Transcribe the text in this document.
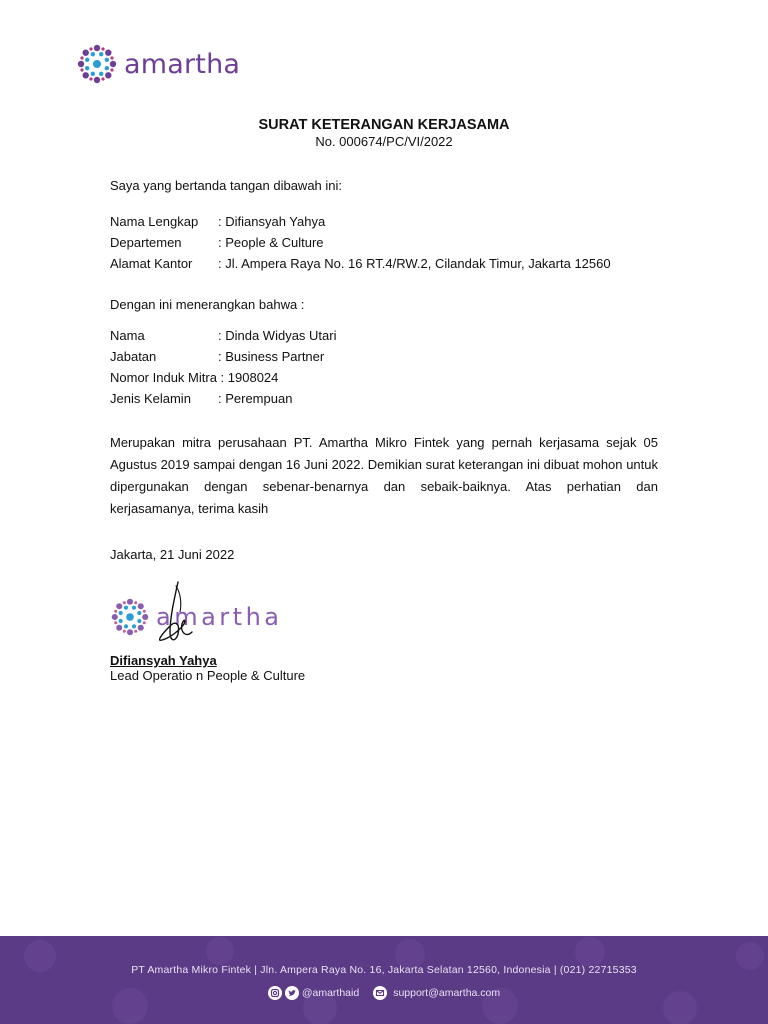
amartha
SURAT KETERANGAN KERJASAMA
No. 000674/PC/VI/2022
Saya yang bertanda tangan dibawah ini:
Nama Lengkap : Difiansyah Yahya
Departemen	: People & Culture
Alamat Kantor : Jl. Ampera Raya No. 16 RT.4/RW.2, Cilandak Timur, Jakarta 12560
Dengan ini menerangkan bahwa :
Nama	: Dinda Widyas Utari
Jabatan	: Business Partner
Nomor Induk Mitra : 1908024
Jenis Kelamin : Perempuan
Merupakan mitra perusahaan PT. Amartha Mikro Fintek yang pernah kerjasama sejak 05 Agustus 2019 sampai dengan 16 Juni 2022. Demikian surat keterangan ini dibuat mohon untuk dipergunakan dengan sebenar-benarnya dan sebaik-baiknya. Atas perhatian dan kerjasamanya, terima kasih
Jakarta, 21 Juni 2022
amartha
Difiansyah Yahya
Lead Operatio n People & Culture
PT Amartha Mikro Fintek | Jln. Ampera Raya No. 16, Jakarta Selatan 12560, Indonesia | (021) 22715353
@amarthaid	support@amartha.com
